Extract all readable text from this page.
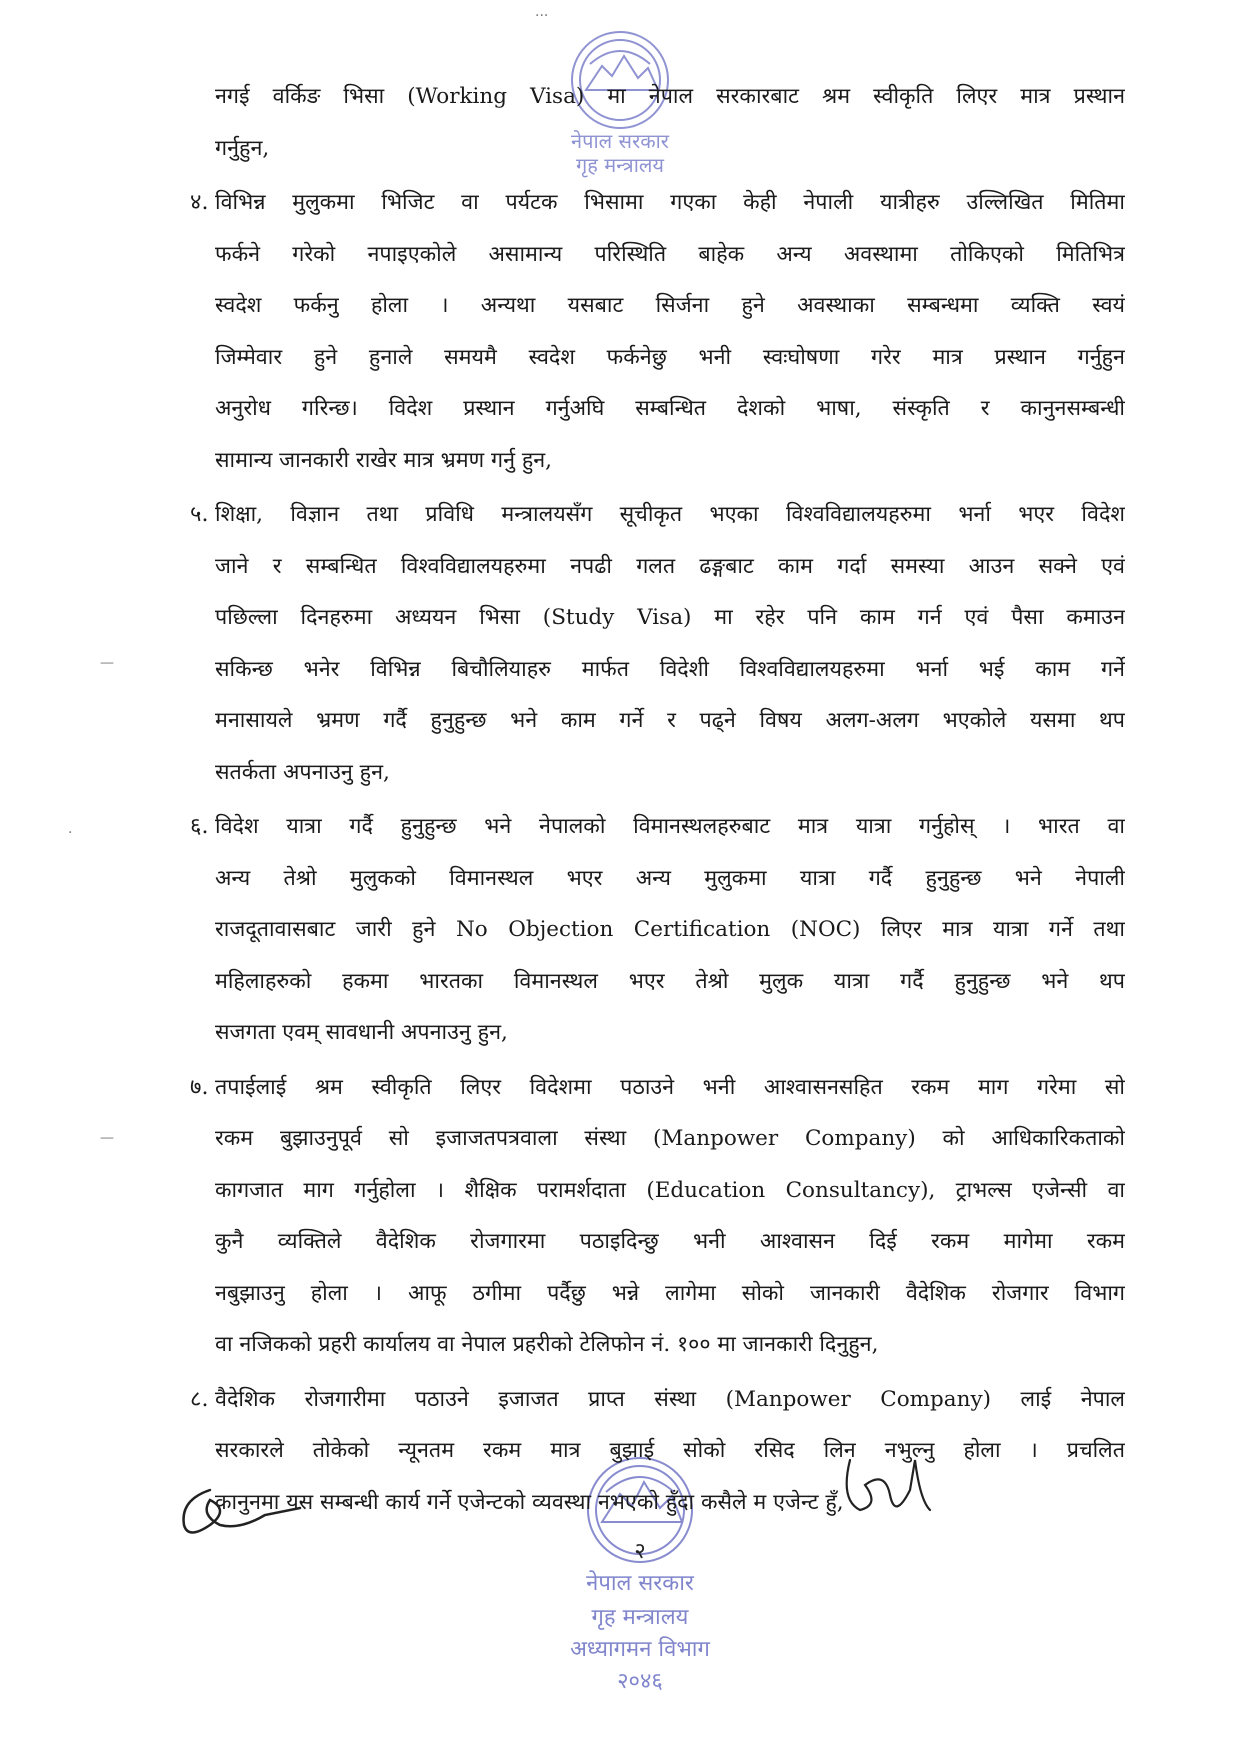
नेपाल सरकार
गृह मन्त्रालय
नेपाल सरकार
गृह मन्त्रालय
अध्यागमन विभाग
२०४६
२
नगई वर्किङ भिसा (Working Visa) मा नेपाल सरकारबाट श्रम स्वीकृति लिएर मात्र प्रस्थान
गर्नुहुन,
४. विभिन्न मुलुकमा भिजिट वा पर्यटक भिसामा गएका केही नेपाली यात्रीहरु उल्लिखित मितिमा
फर्कने गरेको नपाइएकोले असामान्य परिस्थिति बाहेक अन्य अवस्थामा तोकिएको मितिभित्र
स्वदेश फर्कनु होला । अन्यथा यसबाट सिर्जना हुने अवस्थाका सम्बन्धमा व्यक्ति स्वयं
जिम्मेवार हुने हुनाले समयमै स्वदेश फर्कनेछु भनी स्वःघोषणा गरेर मात्र प्रस्थान गर्नुहुन
अनुरोध गरिन्छ। विदेश प्रस्थान गर्नुअघि सम्बन्धित देशको भाषा, संस्कृति र कानुनसम्बन्धी
सामान्य जानकारी राखेर मात्र भ्रमण गर्नु हुन,
५. शिक्षा, विज्ञान तथा प्रविधि मन्त्रालयसँग सूचीकृत भएका विश्वविद्यालयहरुमा भर्ना भएर विदेश
जाने र सम्बन्धित विश्वविद्यालयहरुमा नपढी गलत ढङ्गबाट काम गर्दा समस्या आउन सक्ने एवं
पछिल्ला दिनहरुमा अध्ययन भिसा (Study Visa) मा रहेर पनि काम गर्न एवं पैसा कमाउन
सकिन्छ भनेर विभिन्न बिचौलियाहरु मार्फत विदेशी विश्वविद्यालयहरुमा भर्ना भई काम गर्ने
मनासायले भ्रमण गर्दै हुनुहुन्छ भने काम गर्ने र पढ्ने विषय अलग-अलग भएकोले यसमा थप
सतर्कता अपनाउनु हुन,
६. विदेश यात्रा गर्दै हुनुहुन्छ भने नेपालको विमानस्थलहरुबाट मात्र यात्रा गर्नुहोस् । भारत वा
अन्य तेश्रो मुलुकको विमानस्थल भएर अन्य मुलुकमा यात्रा गर्दै हुनुहुन्छ भने नेपाली
राजदूतावासबाट जारी हुने No Objection Certification (NOC) लिएर मात्र यात्रा गर्ने तथा
महिलाहरुको हकमा भारतका विमानस्थल भएर तेश्रो मुलुक यात्रा गर्दै हुनुहुन्छ भने थप
सजगता एवम् सावधानी अपनाउनु हुन,
७. तपाईलाई श्रम स्वीकृति लिएर विदेशमा पठाउने भनी आश्वासनसहित रकम माग गरेमा सो
रकम बुझाउनुपूर्व सो इजाजतपत्रवाला संस्था (Manpower Company) को आधिकारिकताको
कागजात माग गर्नुहोला । शैक्षिक परामर्शदाता (Education Consultancy), ट्राभल्स एजेन्सी वा
कुनै व्यक्तिले वैदेशिक रोजगारमा पठाइदिन्छु भनी आश्वासन दिई रकम मागेमा रकम
नबुझाउनु होला । आफू ठगीमा पर्दैछु भन्ने लागेमा सोको जानकारी वैदेशिक रोजगार विभाग
वा नजिकको प्रहरी कार्यालय वा नेपाल प्रहरीको टेलिफोन नं. १०० मा जानकारी दिनुहुन,
८. वैदेशिक रोजगारीमा पठाउने इजाजत प्राप्त संस्था (Manpower Company) लाई नेपाल
सरकारले तोकेको न्यूनतम रकम मात्र बुझाई सोको रसिद लिन नभुल्नु होला । प्रचलित
कानुनमा यस सम्बन्धी कार्य गर्ने एजेन्टको व्यवस्था नभएको हुँदा कसैले म एजेन्ट हुँ,
···
—
·
—
